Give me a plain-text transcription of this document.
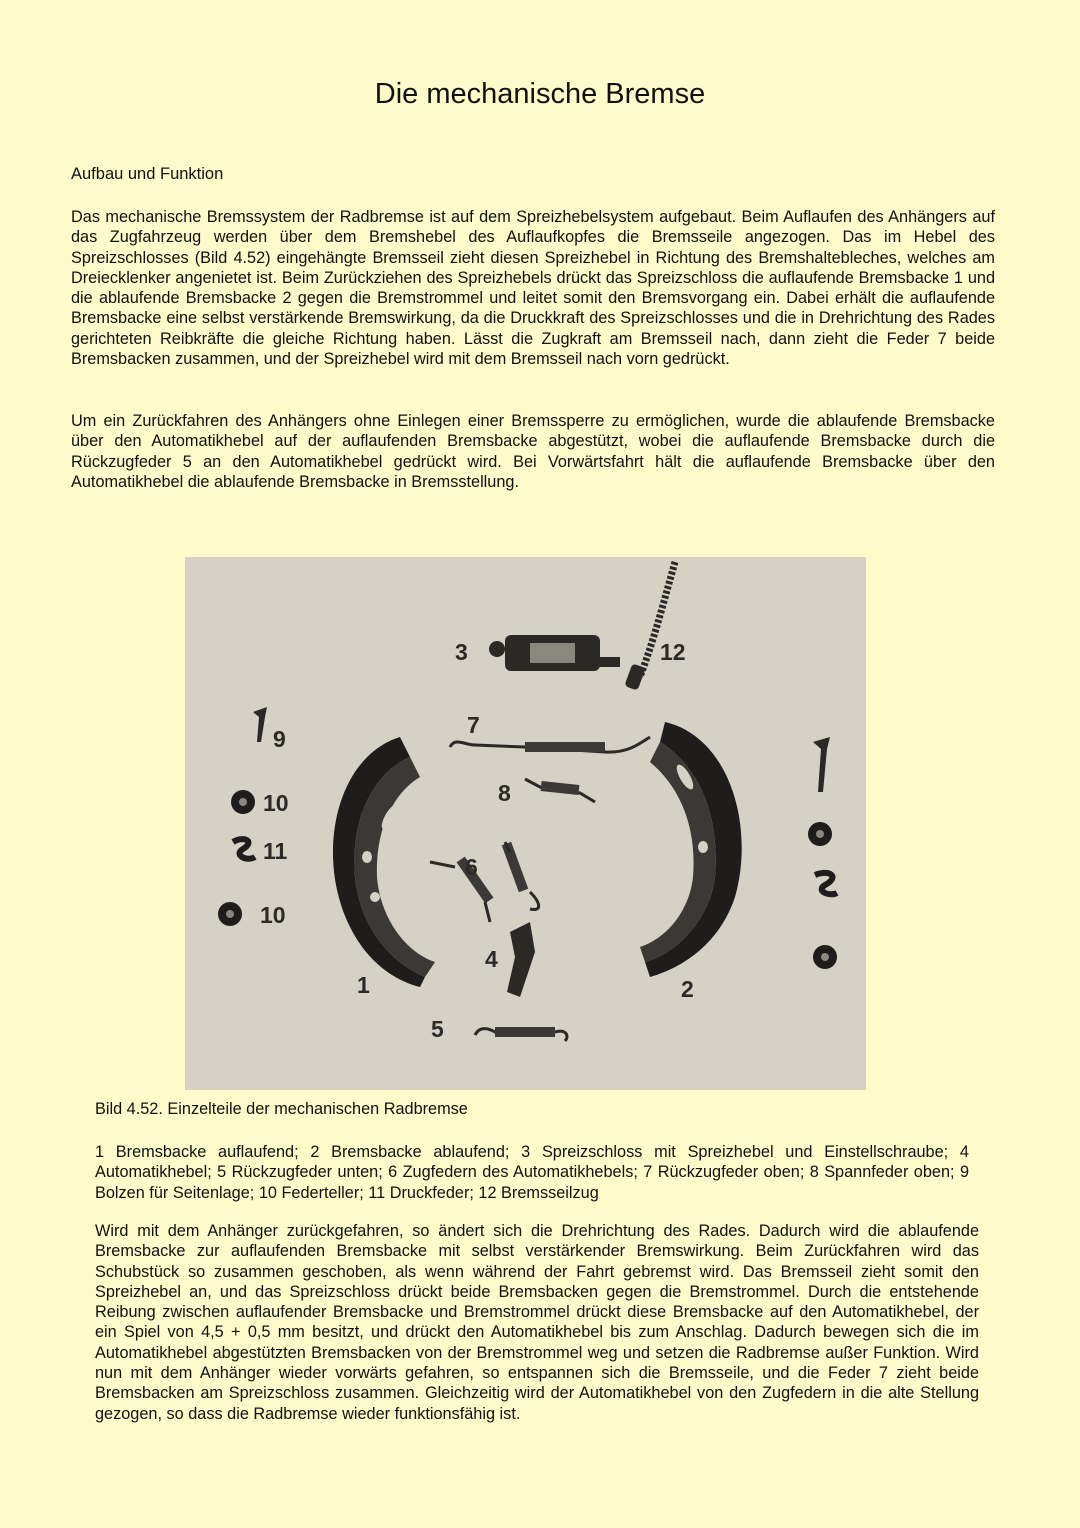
Die mechanische Bremse

Aufbau und Funktion

Das mechanische Bremssystem der Radbremse ist auf dem Spreizhebelsystem aufgebaut. Beim Auflaufen des Anhängers auf das Zugfahrzeug werden über dem Bremshebel des Auflaufkopfes die Bremsseile angezogen. Das im Hebel des Spreizschlosses (Bild 4.52) eingehängte Bremsseil zieht diesen Spreizhebel in Richtung des Bremshaltebleches, welches am Dreiecklenker angenietet ist. Beim Zurückziehen des Spreizhebels drückt das Spreizschloss die auflaufende Bremsbacke 1 und die ablaufende Bremsbacke 2 gegen die Bremstrommel und leitet somit den Bremsvorgang ein. Dabei erhält die auflaufende Bremsbacke eine selbst verstärkende Bremswirkung, da die Druckkraft des Spreizschlosses und die in Drehrichtung des Rades gerichteten Reibkräfte die gleiche Richtung haben. Lässt die Zugkraft am Bremsseil nach, dann zieht die Feder 7 beide Bremsbacken zusammen, und der Spreizhebel wird mit dem Bremsseil nach vorn gedrückt.

Um ein Zurückfahren des Anhängers ohne Einlegen einer Bremssperre zu ermöglichen, wurde die ablaufende Bremsbacke über den Automatikhebel auf der auflaufenden Bremsbacke abgestützt, wobei die auflaufende Bremsbacke durch die Rückzugfeder 5 an den Automatikhebel gedrückt wird. Bei Vorwärtsfahrt hält die auflaufende Bremsbacke über den Automatikhebel die ablaufende Bremsbacke in Bremsstellung.

3	12
9
7
8
10
11
6
10
4
1	2
5

Bild 4.52. Einzelteile der mechanischen Radbremse

1 Bremsbacke auflaufend; 2 Bremsbacke ablaufend; 3 Spreizschloss mit Spreizhebel und Einstellschraube; 4 Automatikhebel; 5 Rückzugfeder unten; 6 Zugfedern des Automatikhebels; 7 Rückzugfeder oben; 8 Spannfeder oben; 9 Bolzen für Seitenlage; 10 Federteller; 11 Druckfeder; 12 Bremsseilzug

Wird mit dem Anhänger zurückgefahren, so ändert sich die Drehrichtung des Rades. Dadurch wird die ablaufende Bremsbacke zur auflaufenden Bremsbacke mit selbst verstärkender Bremswirkung. Beim Zurückfahren wird das Schubstück so zusammen geschoben, als wenn während der Fahrt gebremst wird. Das Bremsseil zieht somit den Spreizhebel an, und das Spreizschloss drückt beide Bremsbacken gegen die Bremstrommel. Durch die entstehende Reibung zwischen auflaufender Bremsbacke und Bremstrommel drückt diese Bremsbacke auf den Automatikhebel, der ein Spiel von 4,5 + 0,5 mm besitzt, und drückt den Automatikhebel bis zum Anschlag. Dadurch bewegen sich die im Automatikhebel abgestützten Bremsbacken von der Bremstrommel weg und setzen die Radbremse außer Funktion. Wird nun mit dem Anhänger wieder vorwärts gefahren, so entspannen sich die Bremsseile, und die Feder 7 zieht beide Bremsbacken am Spreizschloss zusammen. Gleichzeitig wird der Automatikhebel von den Zugfedern in die alte Stellung gezogen, so dass die Radbremse wieder funktionsfähig ist.
